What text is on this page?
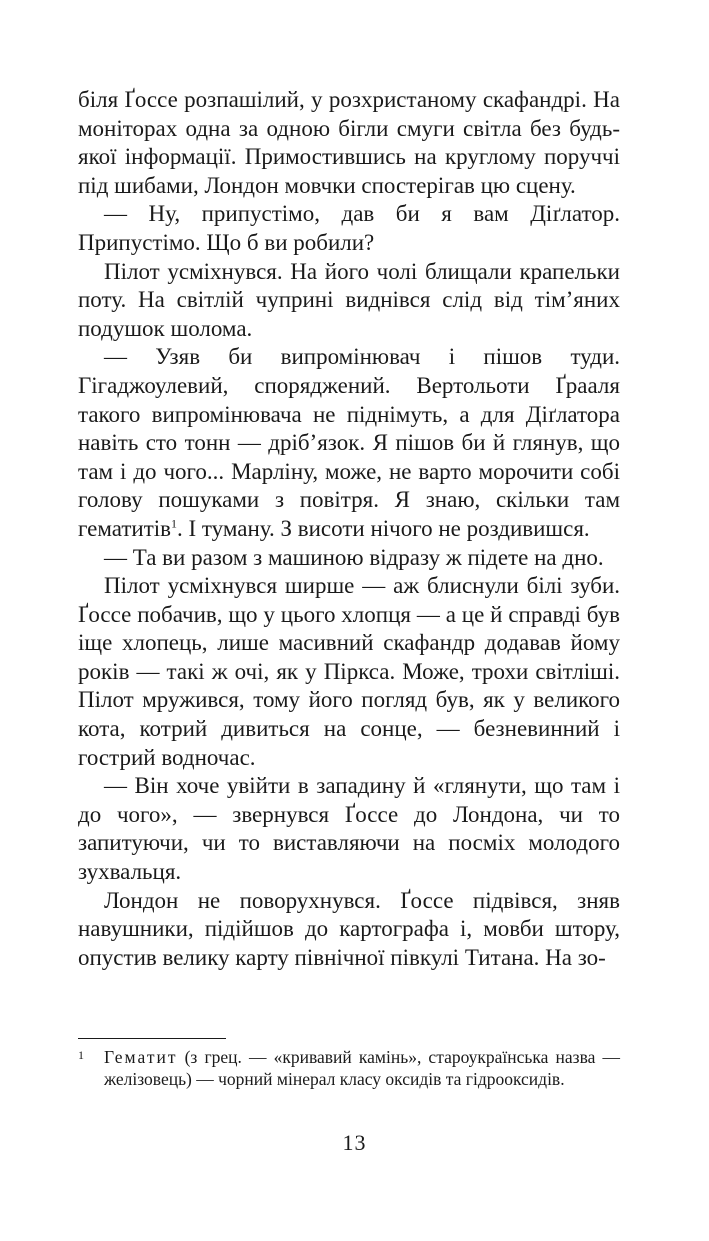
біля Ґоссе розпашілий, у розхристаному скафандрі. На моніторах одна за одною бігли смуги світла без будь-якої інформації. Примостившись на круглому поруччі під шибами, Лондон мовчки спостерігав цю сцену.

— Ну, припустімо, дав би я вам Діґлатор. Припустімо. Що б ви робили?

Пілот усміхнувся. На його чолі блищали крапельки поту. На світлій чуприні виднівся слід від тім’яних подушок шолома.

— Узяв би випромінювач і пішов туди. Гігаджоулевий, споряджений. Вертольоти Ґрааля такого випромінювача не піднімуть, а для Діґлатора навіть сто тонн — дріб’язок. Я пішов би й глянув, що там і до чого... Марліну, може, не варто морочити собі голову пошуками з повітря. Я знаю, скільки там гематитів$^1$. І туману. З висоти нічого не роздивишся.

— Та ви разом з машиною відразу ж підете на дно.

Пілот усміхнувся ширше — аж блиснули білі зуби. Ґоссе побачив, що у цього хлопця — а це й справді був іще хлопець, лише масивний скафандр додавав йому років — такі ж очі, як у Піркса. Може, трохи світліші. Пілот мружився, тому його погляд був, як у великого кота, котрий дивиться на сонце, — безневинний і гострий водночас.

— Він хоче увійти в западину й «глянути, що там і до чого», — звернувся Ґоссе до Лондона, чи то запитуючи, чи то виставляючи на посміх молодого зухвальця.

Лондон не поворухнувся. Ґоссе підвівся, зняв навушники, підійшов до картографа і, мовби штору, опустив велику карту північної півкулі Титана. На зо-

1	Гематит (з грец. — «кривавий камінь», староукраїнська назва — желізовець) — чорний мінерал класу оксидів та гідрооксидів.
13
